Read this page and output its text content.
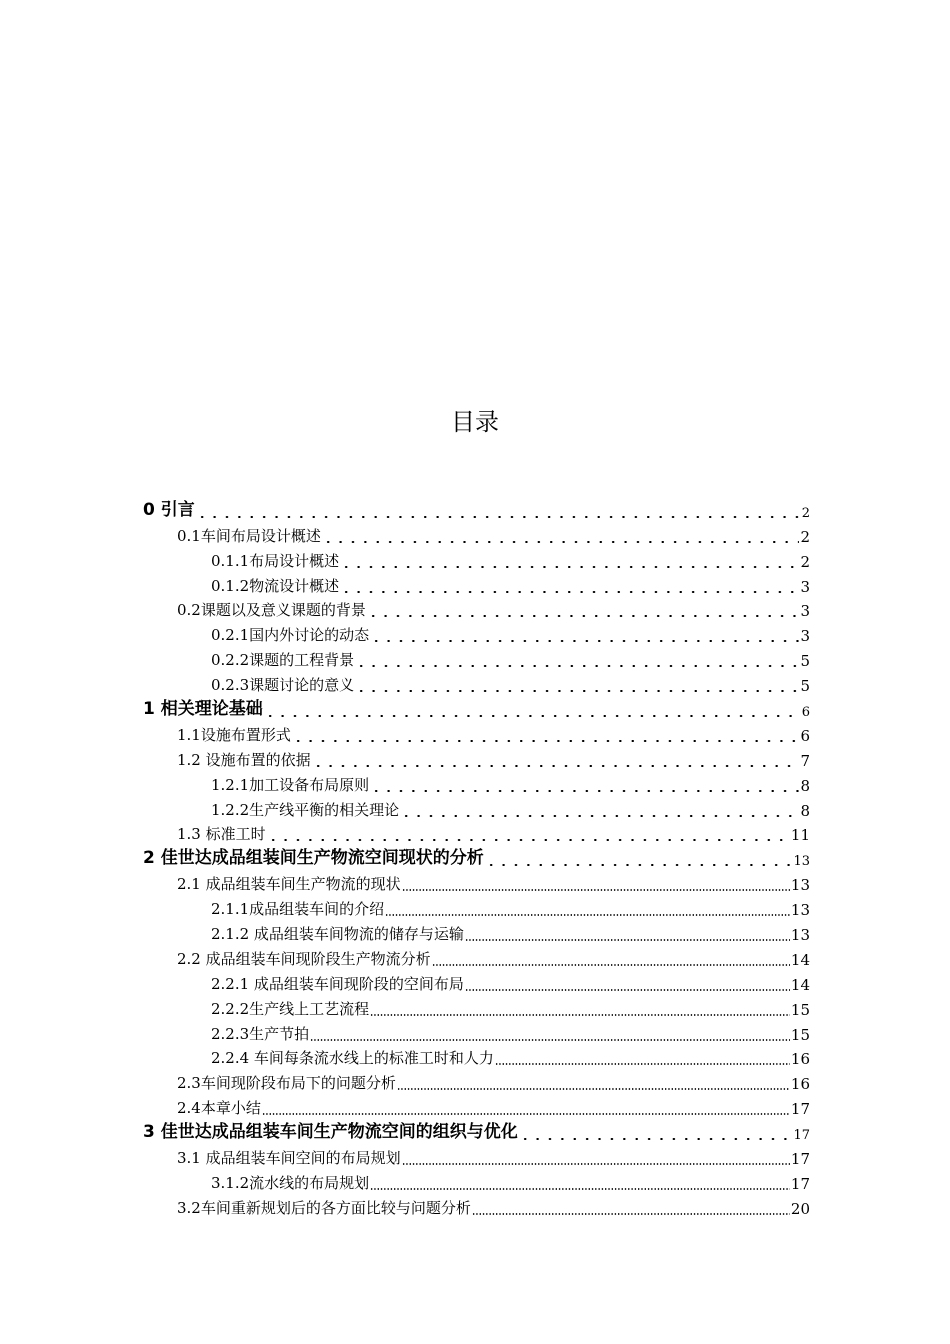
目录
0 引言	2
0.1车间布局设计概述	2
0.1.1布局设计概述	2
0.1.2物流设计概述	3
0.2课题以及意义课题的背景	3
0.2.1国内外讨论的动态	3
0.2.2课题的工程背景	5
0.2.3课题讨论的意义	5
1 相关理论基础	6
1.1设施布置形式	6
1.2 设施布置的依据	7
1.2.1加工设备布局原则	8
1.2.2生产线平衡的相关理论	8
1.3 标准工时	11
2 佳世达成品组装间生产物流空间现状的分析	13
2.1 成品组装车间生产物流的现状	13
2.1.1成品组装车间的介绍	13
2.1.2 成品组装车间物流的储存与运输	13
2.2 成品组装车间现阶段生产物流分析	14
2.2.1 成品组装车间现阶段的空间布局	14
2.2.2生产线上工艺流程	15
2.2.3生产节拍	15
2.2.4 车间每条流水线上的标准工时和人力	16
2.3车间现阶段布局下的问题分析	16
2.4本章小结	17
3 佳世达成品组装车间生产物流空间的组织与优化	17
3.1 成品组装车间空间的布局规划	17
3.1.2流水线的布局规划	17
3.2车间重新规划后的各方面比较与问题分析	20
